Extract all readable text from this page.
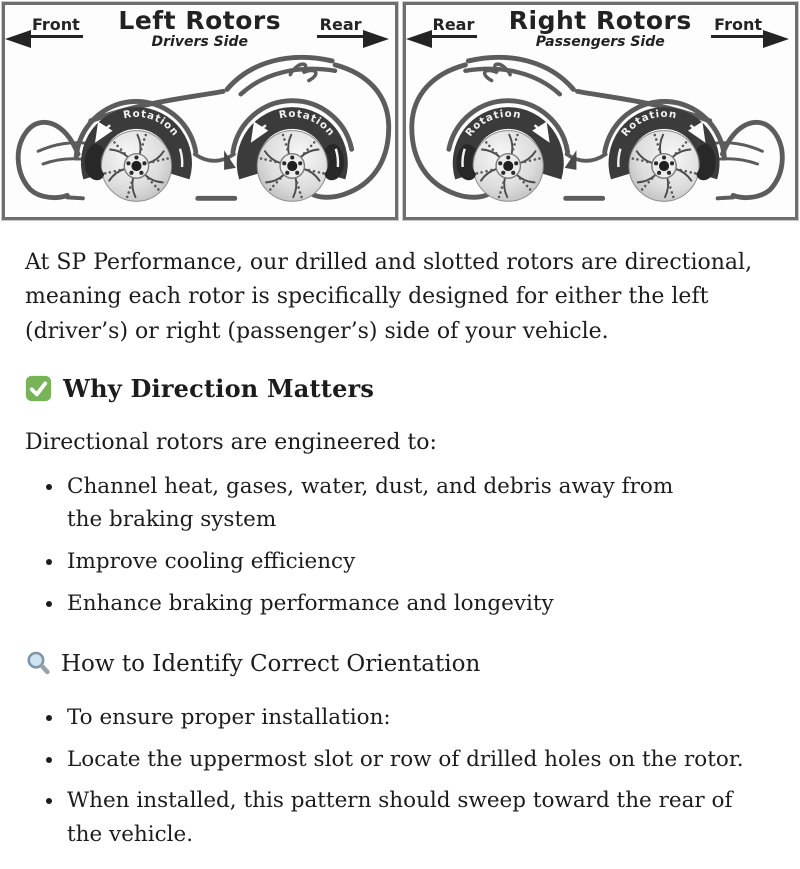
Left Rotors
Drivers Side
Front	Rear
Rotation
Rotation
Right Rotors
Passengers Side
Rear	Front
Rotation
Rotation

At SP Performance, our drilled and slotted rotors are directional, meaning each rotor is specifically designed for either the left (driver’s) or right (passenger’s) side of your vehicle.

Why Direction Matters

Directional rotors are engineered to:

• Channel heat, gases, water, dust, and debris away from the braking system
• Improve cooling efficiency
• Enhance braking performance and longevity
How to Identify Correct Orientation
• To ensure proper installation:
• Locate the uppermost slot or row of drilled holes on the rotor.
• When installed, this pattern should sweep toward the rear of the vehicle.
